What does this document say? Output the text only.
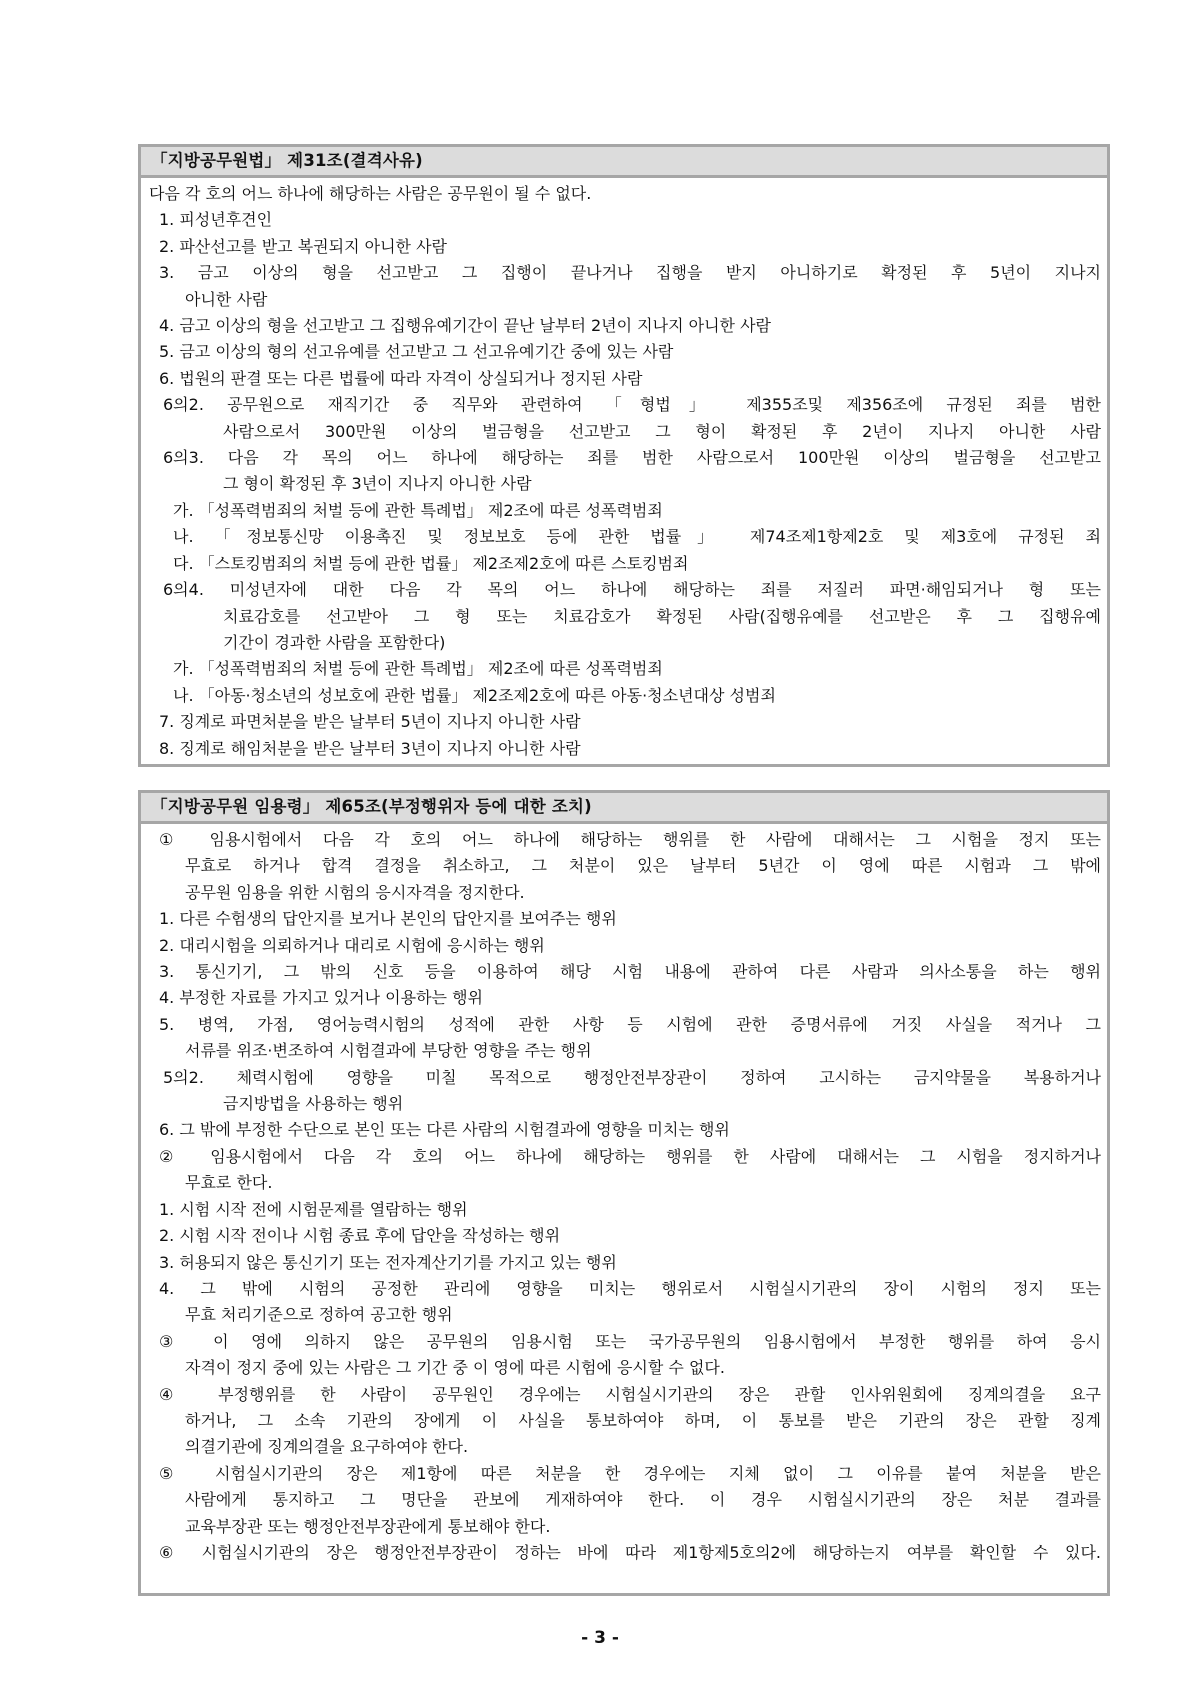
「지방공무원법」 제31조(결격사유)
다음 각 호의 어느 하나에 해당하는 사람은 공무원이 될 수 없다.
1. 피성년후견인
2. 파산선고를 받고 복권되지 아니한 사람
3. 금고 이상의 형을 선고받고 그 집행이 끝나거나 집행을 받지 아니하기로 확정된 후 5년이 지나지
아니한 사람
4. 금고 이상의 형을 선고받고 그 집행유예기간이 끝난 날부터 2년이 지나지 아니한 사람
5. 금고 이상의 형의 선고유예를 선고받고 그 선고유예기간 중에 있는 사람
6. 법원의 판결 또는 다른 법률에 따라 자격이 상실되거나 정지된 사람
6의2. 공무원으로 재직기간 중 직무와 관련하여 「형법」 제355조및 제356조에 규정된 죄를 범한
사람으로서 300만원 이상의 벌금형을 선고받고 그 형이 확정된 후 2년이 지나지 아니한 사람
6의3. 다음 각 목의 어느 하나에 해당하는 죄를 범한 사람으로서 100만원 이상의 벌금형을 선고받고
그 형이 확정된 후 3년이 지나지 아니한 사람
가. 「성폭력범죄의 처벌 등에 관한 특례법」 제2조에 따른 성폭력범죄
나. 「정보통신망 이용촉진 및 정보보호 등에 관한 법률」 제74조제1항제2호 및 제3호에 규정된 죄
다. 「스토킹범죄의 처벌 등에 관한 법률」 제2조제2호에 따른 스토킹범죄
6의4. 미성년자에 대한 다음 각 목의 어느 하나에 해당하는 죄를 저질러 파면·해임되거나 형 또는
치료감호를 선고받아 그 형 또는 치료감호가 확정된 사람(집행유예를 선고받은 후 그 집행유예
기간이 경과한 사람을 포함한다)
가. 「성폭력범죄의 처벌 등에 관한 특례법」 제2조에 따른 성폭력범죄
나. 「아동·청소년의 성보호에 관한 법률」 제2조제2호에 따른 아동·청소년대상 성범죄
7. 징계로 파면처분을 받은 날부터 5년이 지나지 아니한 사람
8. 징계로 해임처분을 받은 날부터 3년이 지나지 아니한 사람
「지방공무원 임용령」 제65조(부정행위자 등에 대한 조치)
① 임용시험에서 다음 각 호의 어느 하나에 해당하는 행위를 한 사람에 대해서는 그 시험을 정지 또는
무효로 하거나 합격 결정을 취소하고, 그 처분이 있은 날부터 5년간 이 영에 따른 시험과 그 밖에
공무원 임용을 위한 시험의 응시자격을 정지한다.
1. 다른 수험생의 답안지를 보거나 본인의 답안지를 보여주는 행위
2. 대리시험을 의뢰하거나 대리로 시험에 응시하는 행위
3. 통신기기, 그 밖의 신호 등을 이용하여 해당 시험 내용에 관하여 다른 사람과 의사소통을 하는 행위
4. 부정한 자료를 가지고 있거나 이용하는 행위
5. 병역, 가점, 영어능력시험의 성적에 관한 사항 등 시험에 관한 증명서류에 거짓 사실을 적거나 그
서류를 위조·변조하여 시험결과에 부당한 영향을 주는 행위
5의2. 체력시험에 영향을 미칠 목적으로 행정안전부장관이 정하여 고시하는 금지약물을 복용하거나
금지방법을 사용하는 행위
6. 그 밖에 부정한 수단으로 본인 또는 다른 사람의 시험결과에 영향을 미치는 행위
② 임용시험에서 다음 각 호의 어느 하나에 해당하는 행위를 한 사람에 대해서는 그 시험을 정지하거나
무효로 한다.
1. 시험 시작 전에 시험문제를 열람하는 행위
2. 시험 시작 전이나 시험 종료 후에 답안을 작성하는 행위
3. 허용되지 않은 통신기기 또는 전자계산기기를 가지고 있는 행위
4. 그 밖에 시험의 공정한 관리에 영향을 미치는 행위로서 시험실시기관의 장이 시험의 정지 또는
무효 처리기준으로 정하여 공고한 행위
③ 이 영에 의하지 않은 공무원의 임용시험 또는 국가공무원의 임용시험에서 부정한 행위를 하여 응시
자격이 정지 중에 있는 사람은 그 기간 중 이 영에 따른 시험에 응시할 수 없다.
④ 부정행위를 한 사람이 공무원인 경우에는 시험실시기관의 장은 관할 인사위원회에 징계의결을 요구
하거나, 그 소속 기관의 장에게 이 사실을 통보하여야 하며, 이 통보를 받은 기관의 장은 관할 징계
의결기관에 징계의결을 요구하여야 한다.
⑤ 시험실시기관의 장은 제1항에 따른 처분을 한 경우에는 지체 없이 그 이유를 붙여 처분을 받은
사람에게 통지하고 그 명단을 관보에 게재하여야 한다. 이 경우 시험실시기관의 장은 처분 결과를
교육부장관 또는 행정안전부장관에게 통보해야 한다.
⑥ 시험실시기관의 장은 행정안전부장관이 정하는 바에 따라 제1항제5호의2에 해당하는지 여부를 확인할 수 있다.
- 3 -
